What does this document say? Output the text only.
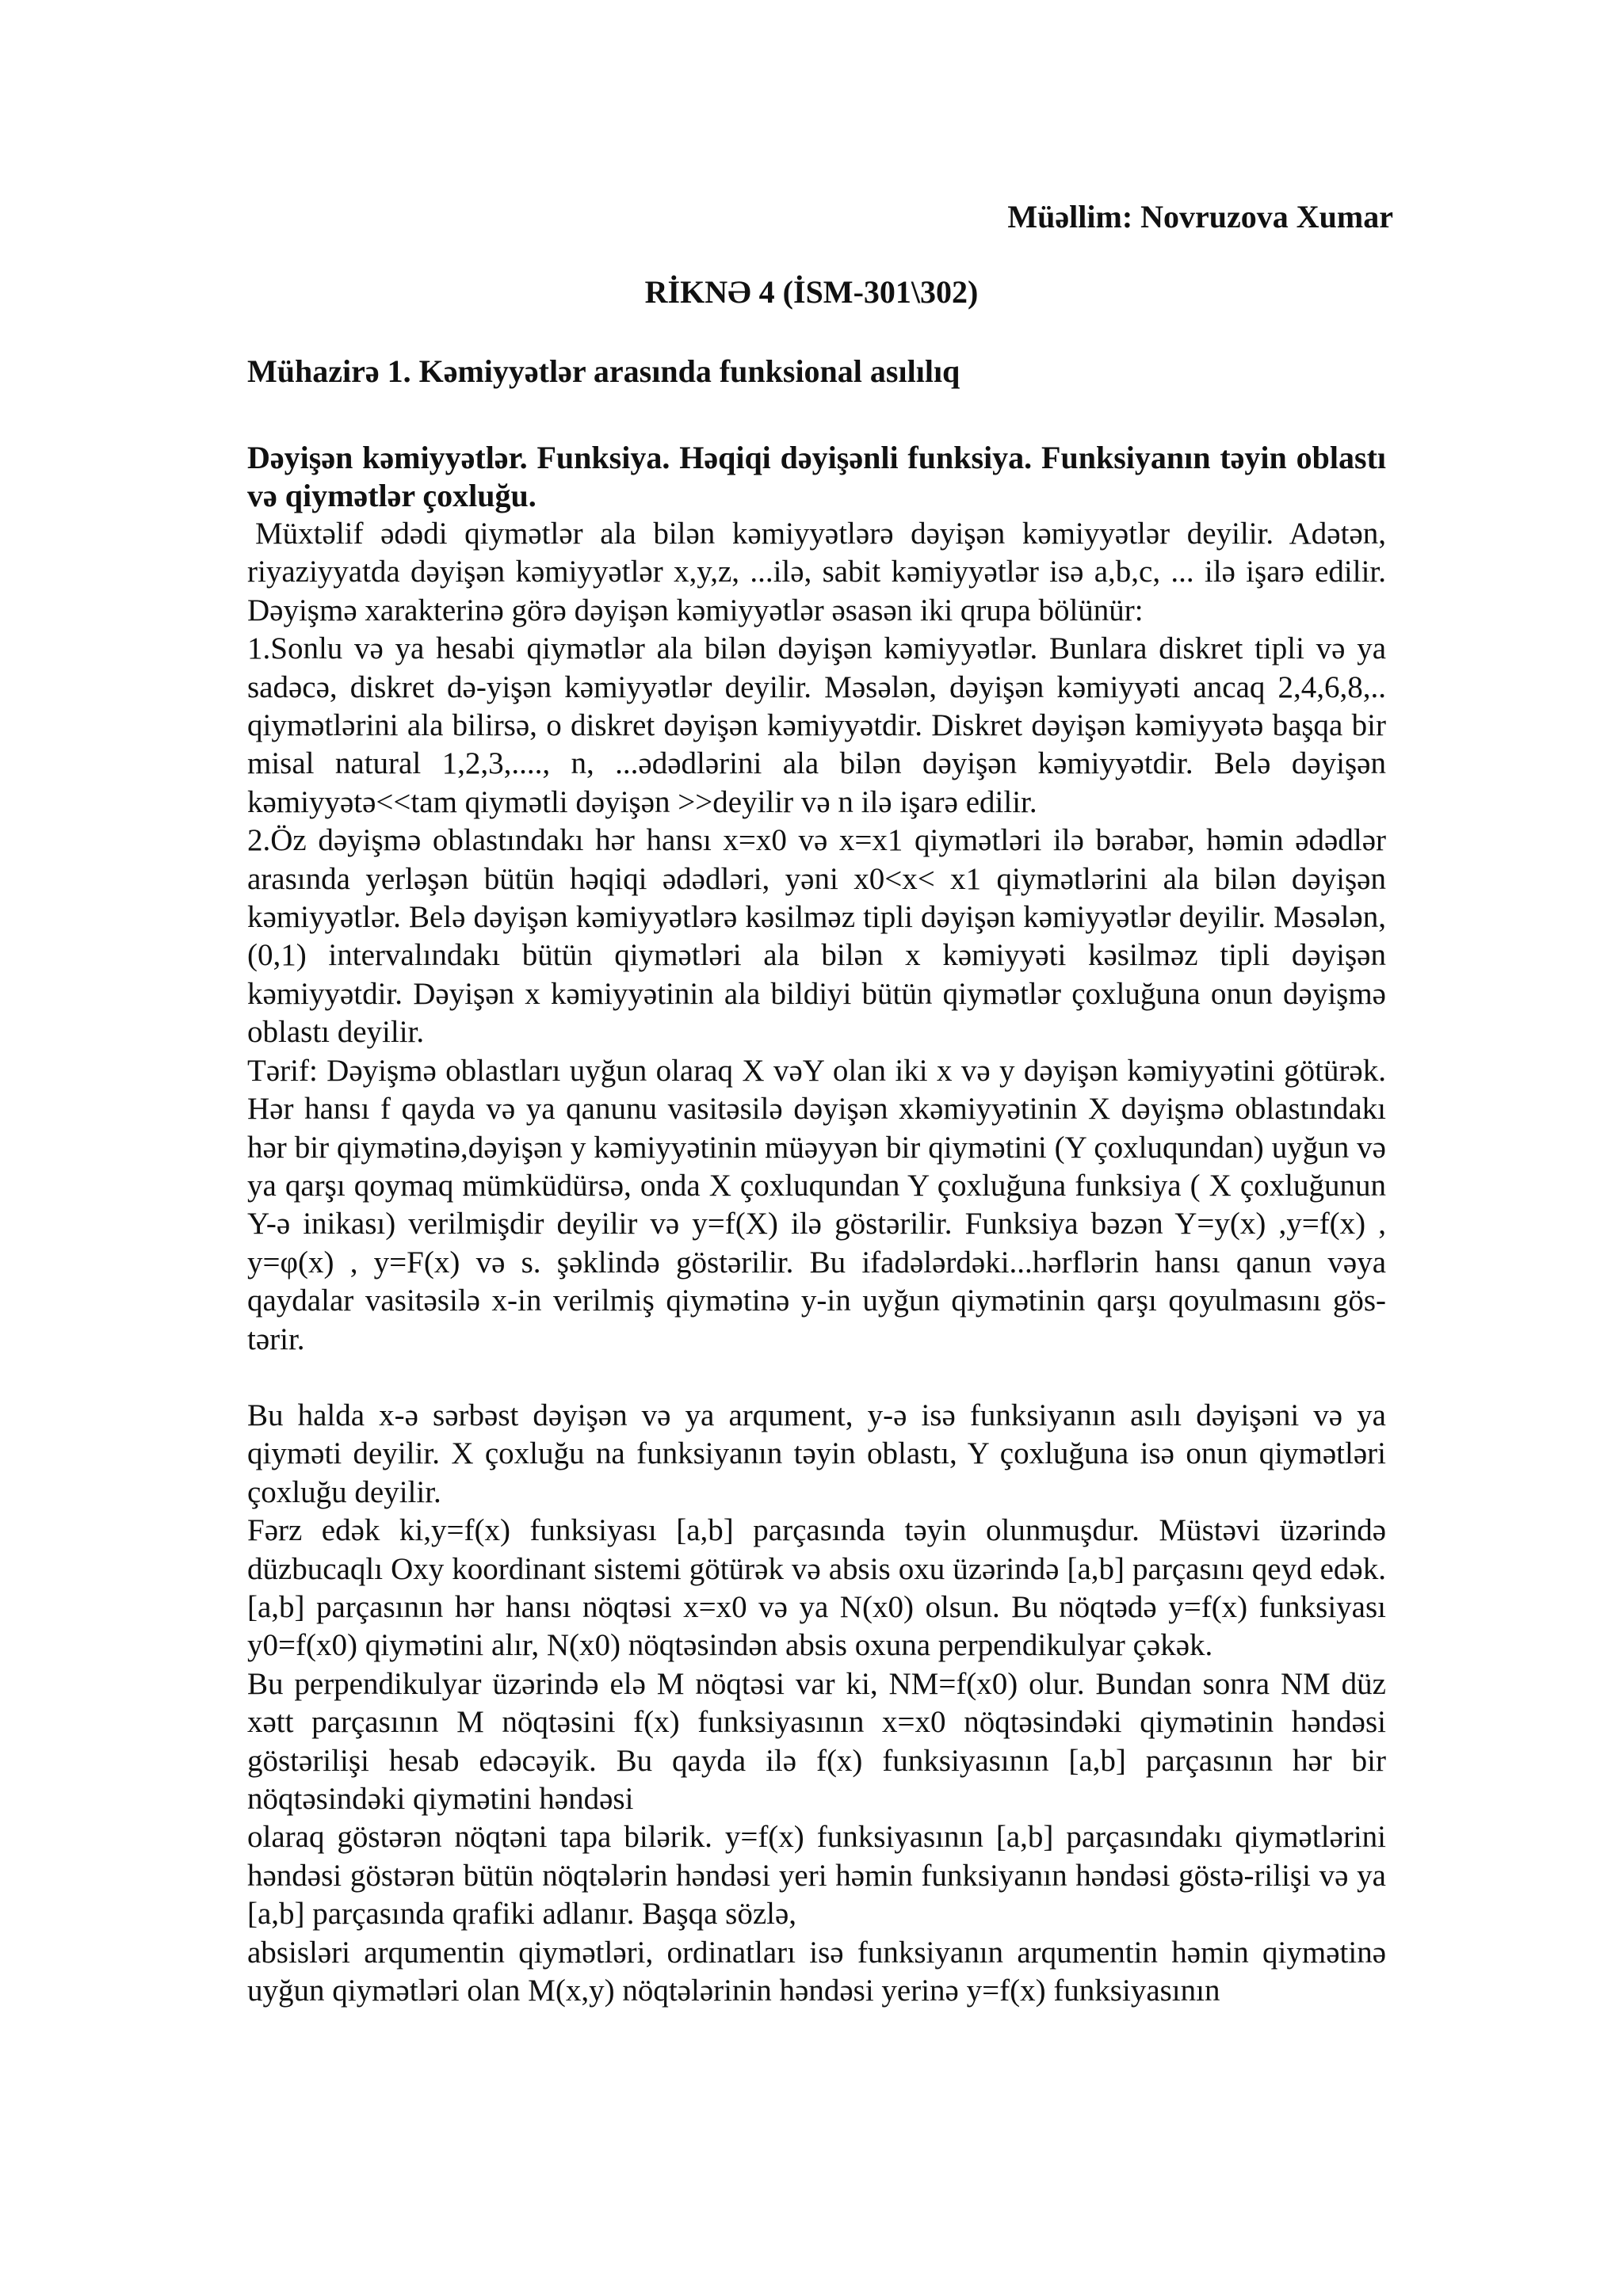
Müəllim: Novruzova Xumar
RİKNƏ 4 (İSM-301\302)

Mühazirə 1. Kəmiyyətlər arasında funksional asılılıq

Dəyişən kəmiyyətlər. Funksiya. Həqiqi dəyişənli funksiya. Funksiyanın təyin oblastı və qiymətlər çoxluğu.

Müxtəlif ədədi qiymətlər ala bilən kəmiyyətlərə dəyişən kəmiyyətlər deyilir. Adətən, riyaziyyatda dəyişən kəmiyyətlər x,y,z, ...ilə, sabit kəmiyyətlər isə a,b,c, ... ilə işarə edilir. Dəyişmə xarakterinə görə dəyişən kəmiyyətlər əsasən iki qrupa bölünür:

1.Sonlu və ya hesabi qiymətlər ala bilən dəyişən kəmiyyətlər. Bunlara diskret tipli və ya sadəcə, diskret də-yişən kəmiyyətlər deyilir. Məsələn, dəyişən kəmiyyəti ancaq 2,4,6,8,.. qiymətlərini ala bilirsə, o diskret dəyişən kəmiyyətdir. Diskret dəyişən kəmiyyətə başqa bir misal natural 1,2,3,...., n, ...ədədlərini ala bilən dəyişən kəmiyyətdir. Belə dəyişən kəmiyyətə<<tam qiymətli dəyişən >>deyilir və n ilə işarə edilir.

2.Öz dəyişmə oblastındakı hər hansı x=x0 və x=x1 qiymətləri ilə bərabər, həmin ədədlər arasında yerləşən bütün həqiqi ədədləri, yəni x0<x< x1 qiymətlərini ala bilən dəyişən kəmiyyətlər. Belə dəyişən kəmiyyətlərə kəsilməz tipli dəyişən kəmiyyətlər deyilir. Məsələn, (0,1) intervalındakı bütün qiymətləri ala bilən x kəmiyyəti kəsilməz tipli dəyişən kəmiyyətdir. Dəyişən x kəmiyyətinin ala bildiyi bütün qiymətlər çoxluğuna onun dəyişmə oblastı deyilir.

Tərif: Dəyişmə oblastları uyğun olaraq X vəY olan iki x və y dəyişən kəmiyyətini götürək. Hər hansı f qayda və ya qanunu vasitəsilə dəyişən xkəmiyyətinin X dəyişmə oblastındakı hər bir qiymətinə,dəyişən y kəmiyyətinin müəyyən bir qiymətini (Y çoxluqundan) uyğun və ya qarşı qoymaq mümküdürsə, onda X çoxluqundan Y çoxluğuna funksiya ( X çoxluğunun Y-ə inikası) verilmişdir deyilir və y=f(X) ilə göstərilir. Funksiya bəzən Y=y(x) ,y=f(x) , y=φ(x) , y=F(x) və s. şəklində göstərilir. Bu ifadələrdəki...hərflərin hansı qanun vəya qaydalar vasitəsilə x-in verilmiş qiymətinə y-in uyğun qiymətinin qarşı qoyulmasını gös-tərir.

Bu halda x-ə sərbəst dəyişən və ya arqument, y-ə isə funksiyanın asılı dəyişəni və ya qiyməti deyilir. X çoxluğu na funksiyanın təyin oblastı, Y çoxluğuna isə onun qiymətləri çoxluğu deyilir.

Fərz edək ki,y=f(x) funksiyası [a,b] parçasında təyin olunmuşdur. Müstəvi üzərində düzbucaqlı Oxy koordinant sistemi götürək və absis oxu üzərində [a,b] parçasını qeyd edək. [a,b] parçasının hər hansı nöqtəsi x=x0 və ya N(x0) olsun. Bu nöqtədə y=f(x) funksiyası y0=f(x0) qiymətini alır, N(x0) nöqtəsindən absis oxuna perpendikulyar çəkək.

Bu perpendikulyar üzərində elə M nöqtəsi var ki, NM=f(x0) olur. Bundan sonra NM düz xətt parçasının M nöqtəsini f(x) funksiyasının x=x0 nöqtəsindəki qiymətinin həndəsi göstərilişi hesab edəcəyik. Bu qayda ilə f(x) funksiyasının [a,b] parçasının hər bir nöqtəsindəki qiymətini həndəsi

olaraq göstərən nöqtəni tapa bilərik. y=f(x) funksiyasının [a,b] parçasındakı qiymətlərini həndəsi göstərən bütün nöqtələrin həndəsi yeri həmin funksiyanın həndəsi göstə-rilişi və ya [a,b] parçasında qrafiki adlanır. Başqa sözlə,

absisləri arqumentin qiymətləri, ordinatları isə funksiyanın arqumentin həmin qiymətinə uyğun qiymətləri olan M(x,y) nöqtələrinin həndəsi yerinə y=f(x) funksiyasının
